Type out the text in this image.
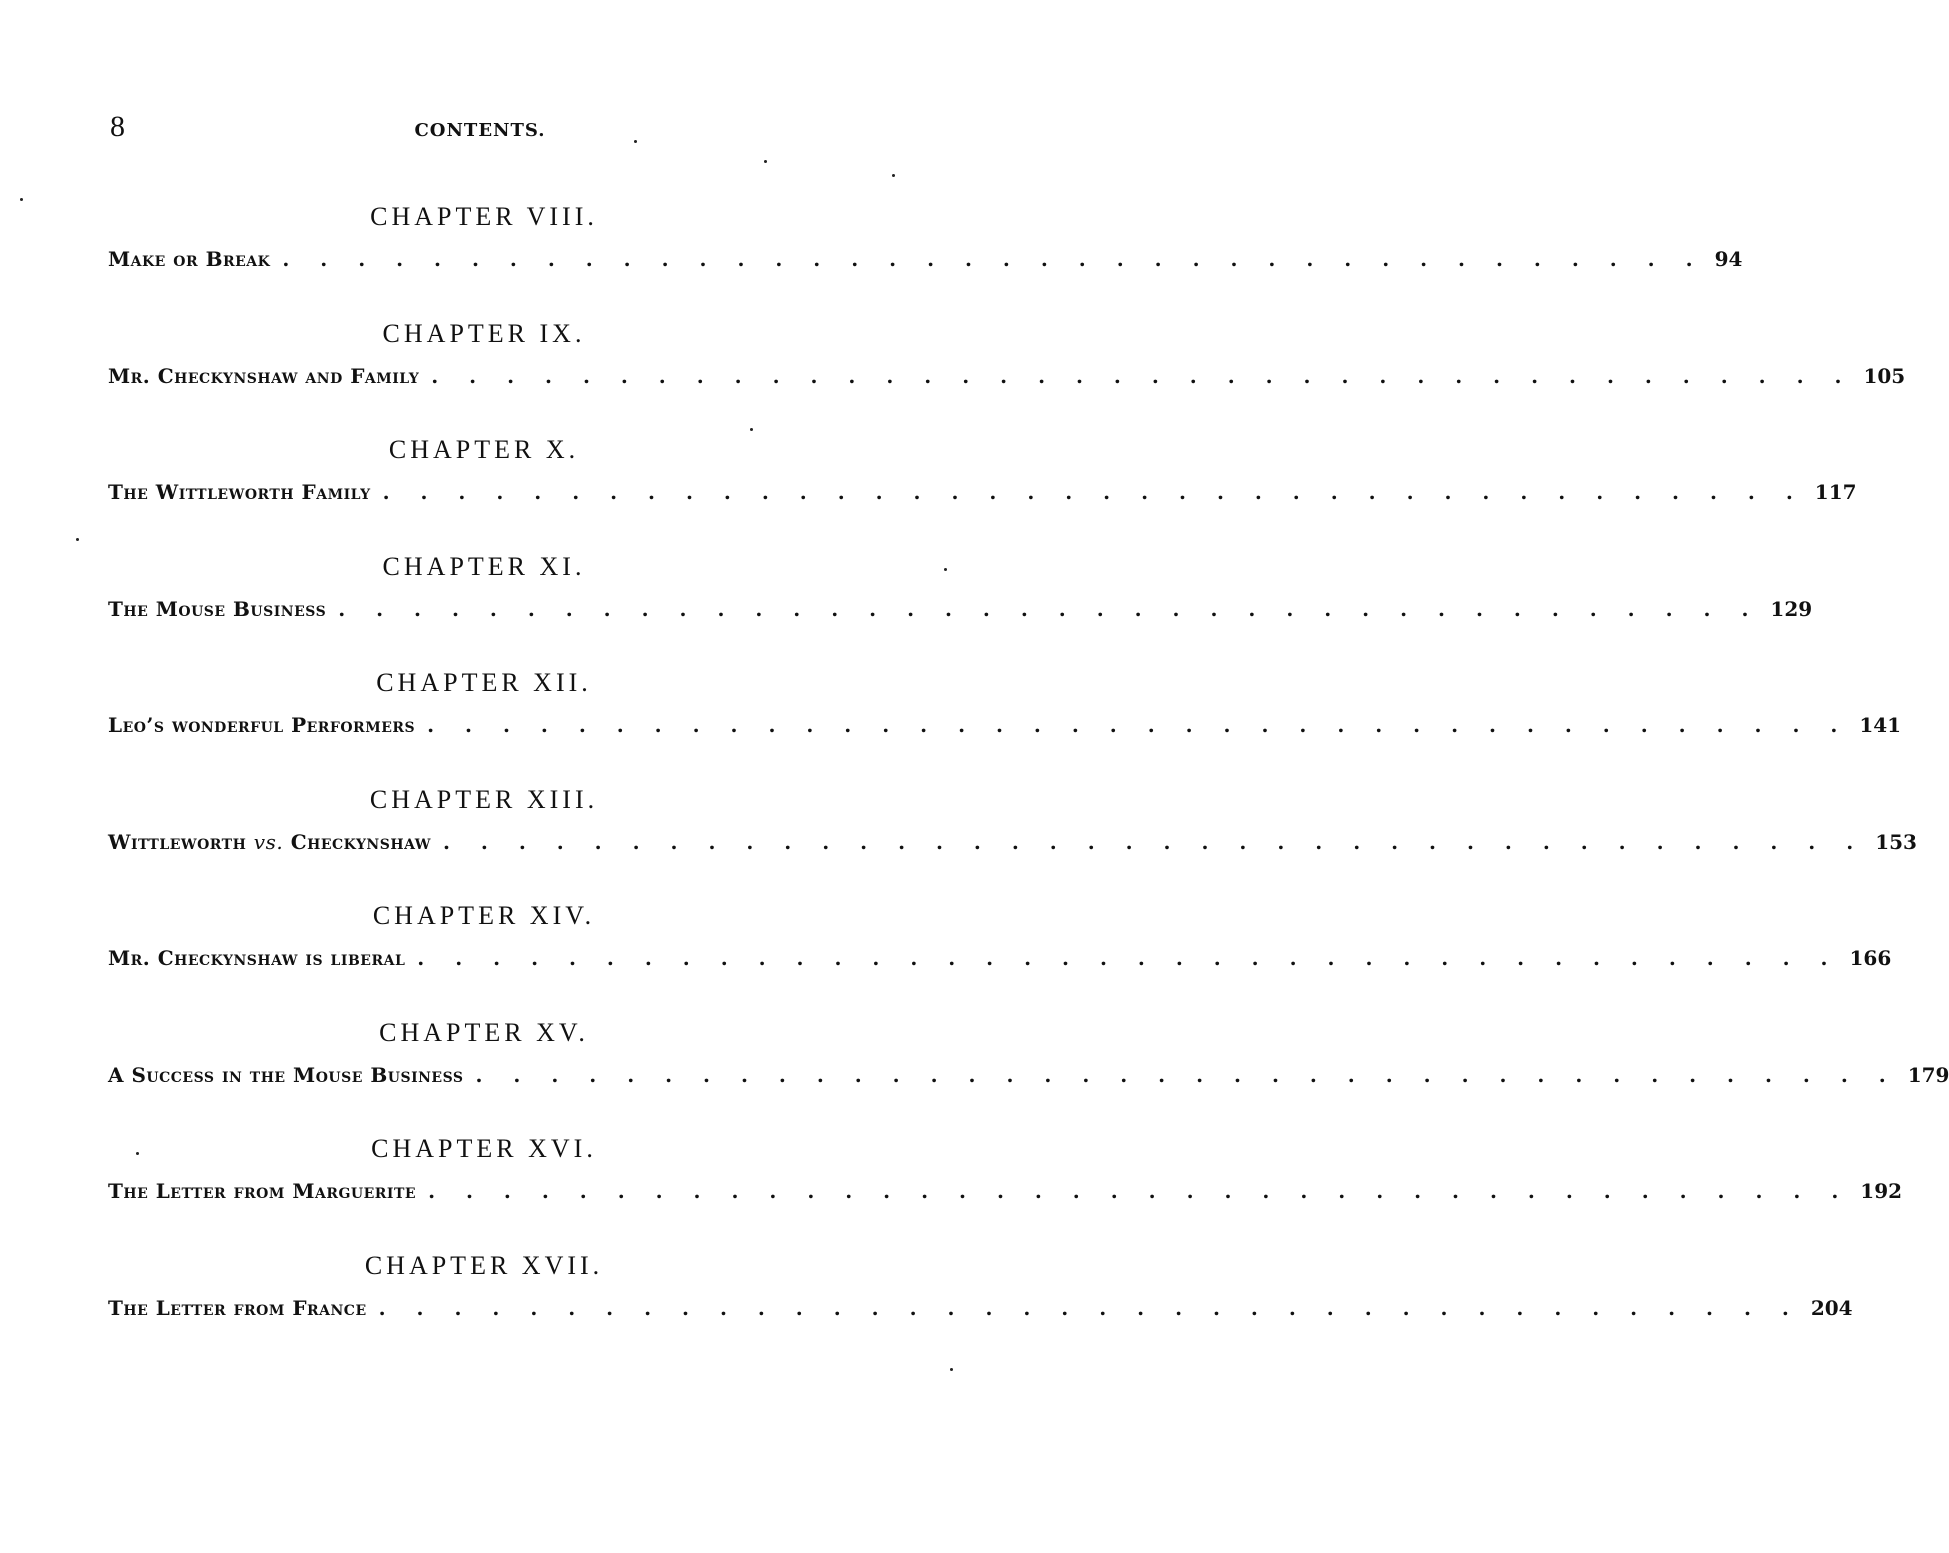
8	CONTENTS.
CHAPTER VIII.
Make or Break . . . . . . . . . . . . . . . . . . . . . . . . . . . . . . . . . . . . . . 94
CHAPTER IX.
Mr. Checkynshaw and Family . . . . . . . . . . . . . . . . . . . . . . . . . . . . . . . . . . . . . . 105
CHAPTER X.
The Wittleworth Family . . . . . . . . . . . . . . . . . . . . . . . . . . . . . . . . . . . . . . 117
CHAPTER XI.
The Mouse Business . . . . . . . . . . . . . . . . . . . . . . . . . . . . . . . . . . . . . . 129
CHAPTER XII.
Leo’s wonderful Performers . . . . . . . . . . . . . . . . . . . . . . . . . . . . . . . . . . . . . . 141
CHAPTER XIII.
Wittleworth vs. Checkynshaw . . . . . . . . . . . . . . . . . . . . . . . . . . . . . . . . . . . . . . 153
CHAPTER XIV.
Mr. Checkynshaw is liberal . . . . . . . . . . . . . . . . . . . . . . . . . . . . . . . . . . . . . . 166
CHAPTER XV.
A Success in the Mouse Business . . . . . . . . . . . . . . . . . . . . . . . . . . . . . . . . . . . . . . 179
CHAPTER XVI.
The Letter from Marguerite . . . . . . . . . . . . . . . . . . . . . . . . . . . . . . . . . . . . . . 192
CHAPTER XVII.
The Letter from France . . . . . . . . . . . . . . . . . . . . . . . . . . . . . . . . . . . . . . 204
